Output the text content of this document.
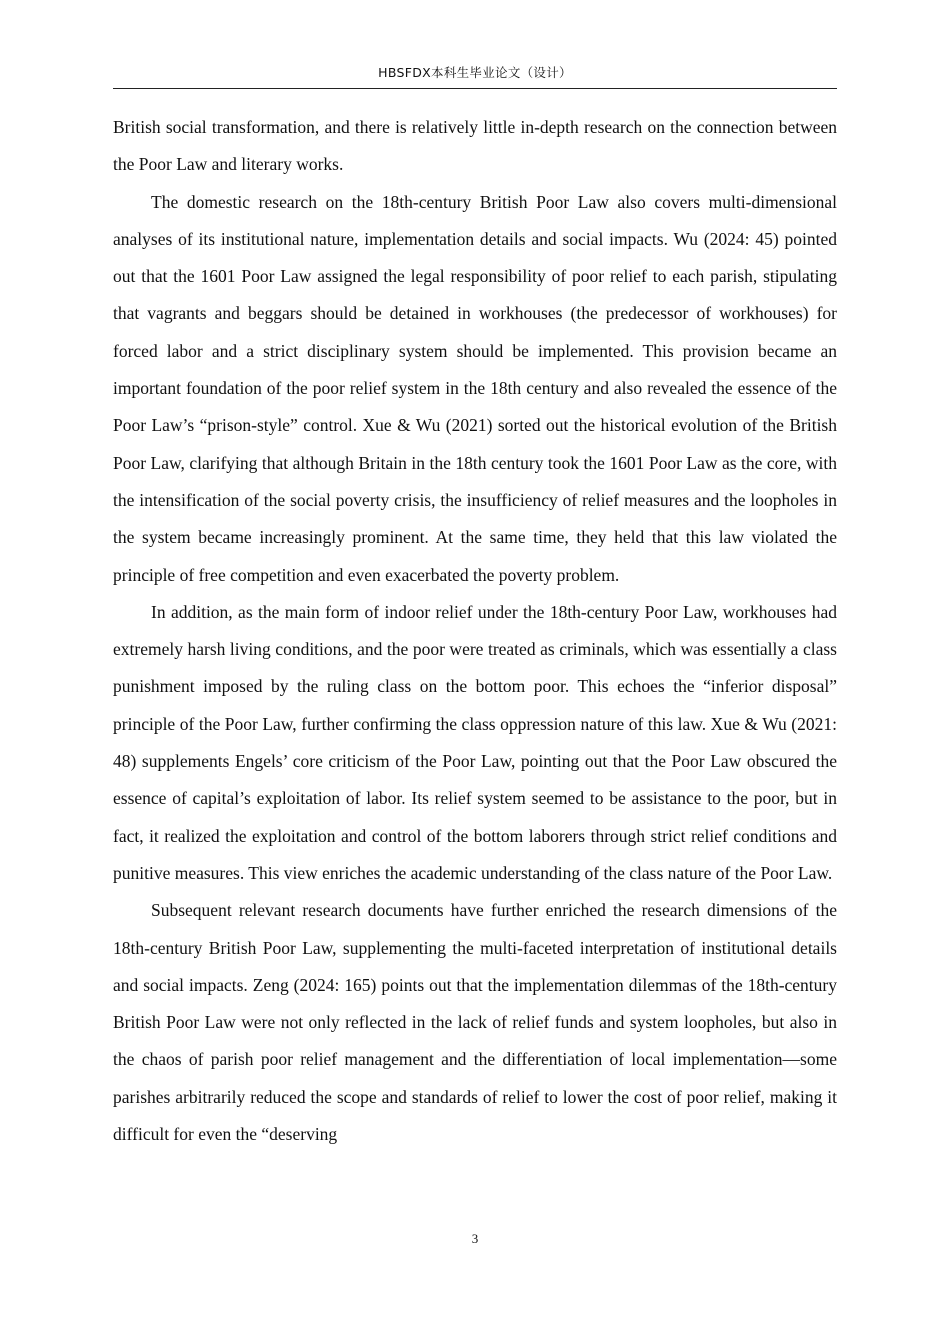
HBSFDX本科生毕业论文（设计）

British social transformation, and there is relatively little in-depth research on the connection between the Poor Law and literary works.

The domestic research on the 18th-century British Poor Law also covers multi-dimensional analyses of its institutional nature, implementation details and social impacts. Wu (2024: 45) pointed out that the 1601 Poor Law assigned the legal responsibility of poor relief to each parish, stipulating that vagrants and beggars should be detained in workhouses (the predecessor of workhouses) for forced labor and a strict disciplinary system should be implemented. This provision became an important foundation of the poor relief system in the 18th century and also revealed the essence of the Poor Law’s “prison-style” control. Xue & Wu (2021) sorted out the historical evolution of the British Poor Law, clarifying that although Britain in the 18th century took the 1601 Poor Law as the core, with the intensification of the social poverty crisis, the insufficiency of relief measures and the loopholes in the system became increasingly prominent. At the same time, they held that this law violated the principle of free competition and even exacerbated the poverty problem.

In addition, as the main form of indoor relief under the 18th-century Poor Law, workhouses had extremely harsh living conditions, and the poor were treated as criminals, which was essentially a class punishment imposed by the ruling class on the bottom poor. This echoes the “inferior disposal” principle of the Poor Law, further confirming the class oppression nature of this law. Xue & Wu (2021: 48) supplements Engels’ core criticism of the Poor Law, pointing out that the Poor Law obscured the essence of capital’s exploitation of labor. Its relief system seemed to be assistance to the poor, but in fact, it realized the exploitation and control of the bottom laborers through strict relief conditions and punitive measures. This view enriches the academic understanding of the class nature of the Poor Law.

Subsequent relevant research documents have further enriched the research dimensions of the 18th-century British Poor Law, supplementing the multi-faceted interpretation of institutional details and social impacts. Zeng (2024: 165) points out that the implementation dilemmas of the 18th-century British Poor Law were not only reflected in the lack of relief funds and system loopholes, but also in the chaos of parish poor relief management and the differentiation of local implementation—some parishes arbitrarily reduced the scope and standards of relief to lower the cost of poor relief, making it difficult for even the “deserving

3
